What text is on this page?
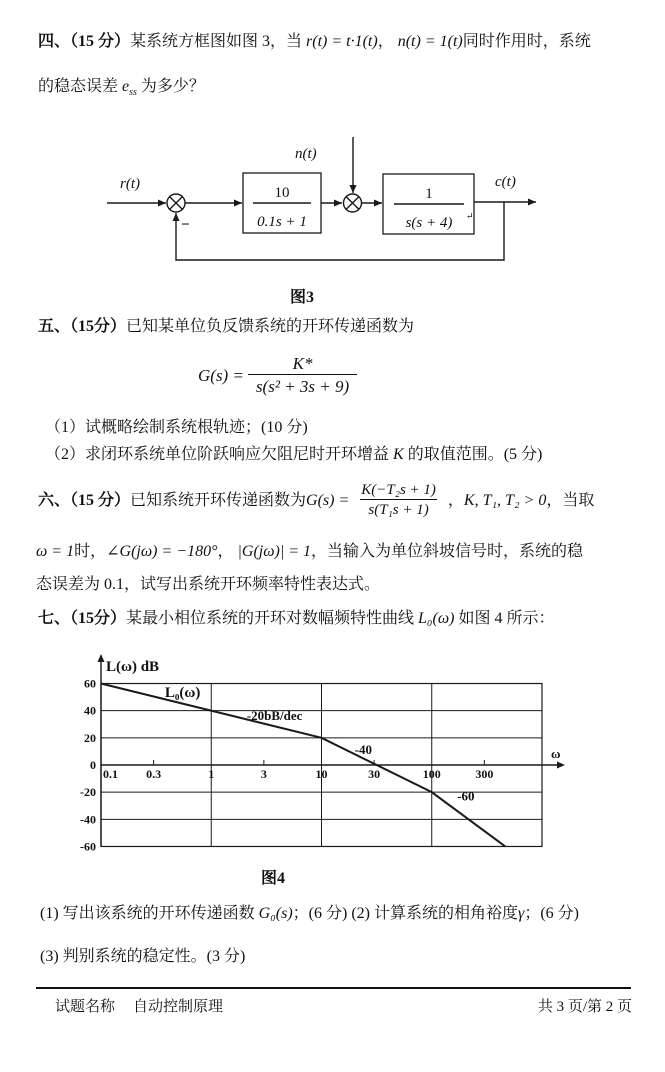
四、（15 分）某系统方框图如图 3，当 r(t) = t·1(t)， n(t) = 1(t)同时作用时，系统
的稳态误差 $e_{ss}$ 为多少？
r(t)
n(t)
c(t)
−
10
0.1s + 1
1
s(s + 4) ↵
图3
五、（15分）已知某单位负反馈系统的开环传递函数为
$G(s) = \frac{K*}{\text{s(s² + 3s + 9)}}$
（1）试概略绘制系统根轨迹；(10 分)
（2）求闭环系统单位阶跃响应欠阻尼时开环增益 K 的取值范围。(5 分)
六、（15 分） 已知系统开环传递函数为 $G(s) = \frac{\text{K(−T₂s + 1)}}{\text{s(T₁s + 1)}}$ ， K, T₁, T₂ > 0 ，当取
ω = 1时，∠G(jω) = −180°， |G(jω)| = 1，当输入为单位斜坡信号时，系统的稳
态误差为 0.1，试写出系统开环频率特性表达式。
七、（15分）某最小相位系统的开环对数幅频特性曲线 L₀(ω) 如图 4 所示：
60
40
20
0
-20
-40
-60
0.1 0.3	1	3	10	30	100	300
L(ω) dB
ω
L₀(ω)
-20bB/dec
-40
-60
图4
(1) 写出该系统的开环传递函数 G₀(s)；(6 分) (2) 计算系统的相角裕度γ；(6 分)
(3) 判别系统的稳定性。(3 分)
试题名称 自动控制原理	共 3 页/第 2 页
